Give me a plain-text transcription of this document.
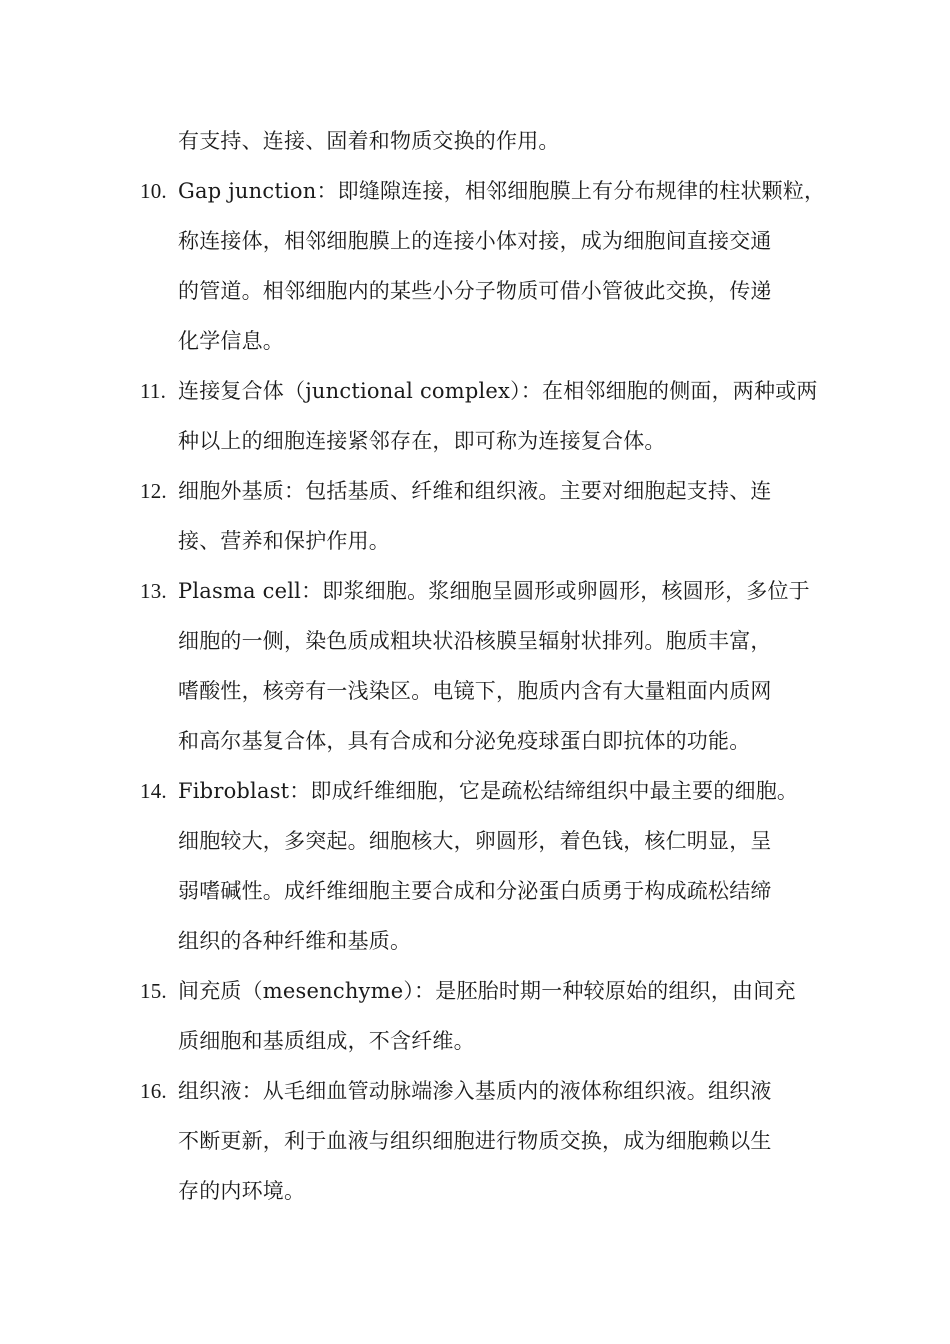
有支持、连接、固着和物质交换的作用。
10. Gap junction：即缝隙连接，相邻细胞膜上有分布规律的柱状颗粒，
称连接体，相邻细胞膜上的连接小体对接，成为细胞间直接交通
的管道。相邻细胞内的某些小分子物质可借小管彼此交换，传递
化学信息。
11. 连接复合体（junctional complex）：在相邻细胞的侧面，两种或两
种以上的细胞连接紧邻存在，即可称为连接复合体。
12. 细胞外基质：包括基质、纤维和组织液。主要对细胞起支持、连
接、营养和保护作用。
13. Plasma cell：即浆细胞。浆细胞呈圆形或卵圆形，核圆形，多位于
细胞的一侧，染色质成粗块状沿核膜呈辐射状排列。胞质丰富，
嗜酸性，核旁有一浅染区。电镜下，胞质内含有大量粗面内质网
和高尔基复合体，具有合成和分泌免疫球蛋白即抗体的功能。
14. Fibroblast：即成纤维细胞，它是疏松结缔组织中最主要的细胞。
细胞较大，多突起。细胞核大，卵圆形，着色钱，核仁明显，呈
弱嗜碱性。成纤维细胞主要合成和分泌蛋白质勇于构成疏松结缔
组织的各种纤维和基质。
15. 间充质（mesenchyme）：是胚胎时期一种较原始的组织，由间充
质细胞和基质组成，不含纤维。
16. 组织液：从毛细血管动脉端渗入基质内的液体称组织液。组织液
不断更新，利于血液与组织细胞进行物质交换，成为细胞赖以生
存的内环境。
